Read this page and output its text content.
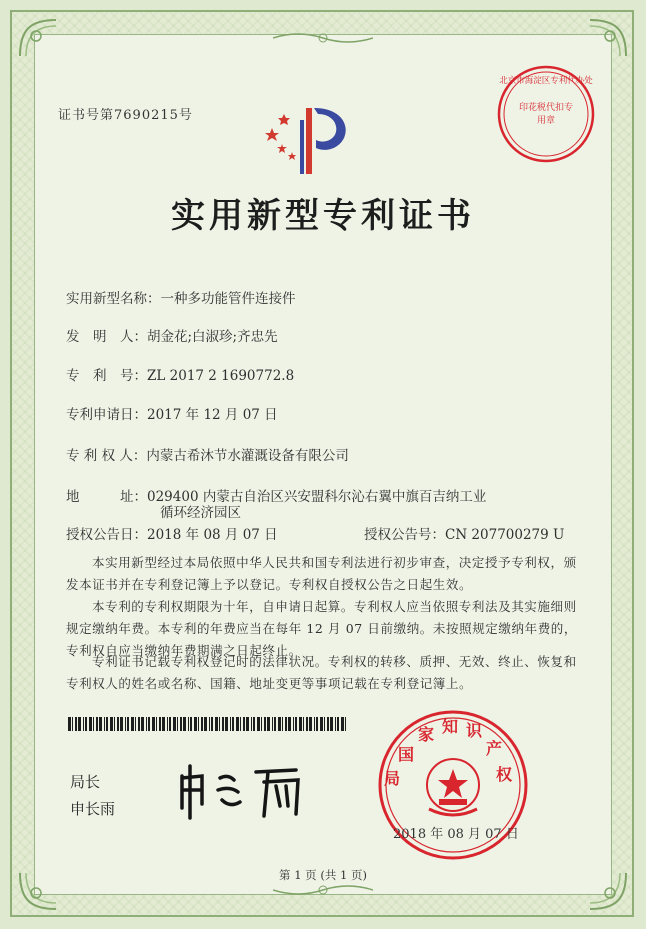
证书号第7690215号
北京市海淀区专利代办处
印花税代扣专用章
实用新型专利证书
实用新型名称：一种多功能管件连接件
发　明　人：胡金花;白淑珍;齐忠先
专　利　号：ZL 2017 2 1690772.8
专利申请日：2017 年 12 月 07 日
专 利 权 人：内蒙古希沐节水灌溉设备有限公司
地　　　址：029400 内蒙古自治区兴安盟科尔沁右翼中旗百吉纳工业
循环经济园区
授权公告日：2018 年 08 月 07 日	授权公告号：CN 207700279 U
本实用新型经过本局依照中华人民共和国专利法进行初步审查，决定授予专利权，颁发本证书并在专利登记簿上予以登记。专利权自授权公告之日起生效。
本专利的专利权期限为十年，自申请日起算。专利权人应当依照专利法及其实施细则规定缴纳年费。本专利的年费应当在每年 12 月 07 日前缴纳。未按照规定缴纳年费的，专利权自应当缴纳年费期满之日起终止。
专利证书记载专利权登记时的法律状况。专利权的转移、质押、无效、终止、恢复和专利权人的姓名或名称、国籍、地址变更等事项记载在专利登记簿上。
局长
申长雨
国
家 知 识
产
权
局
2018 年 08 月 07 日
第 1 页 (共 1 页)
